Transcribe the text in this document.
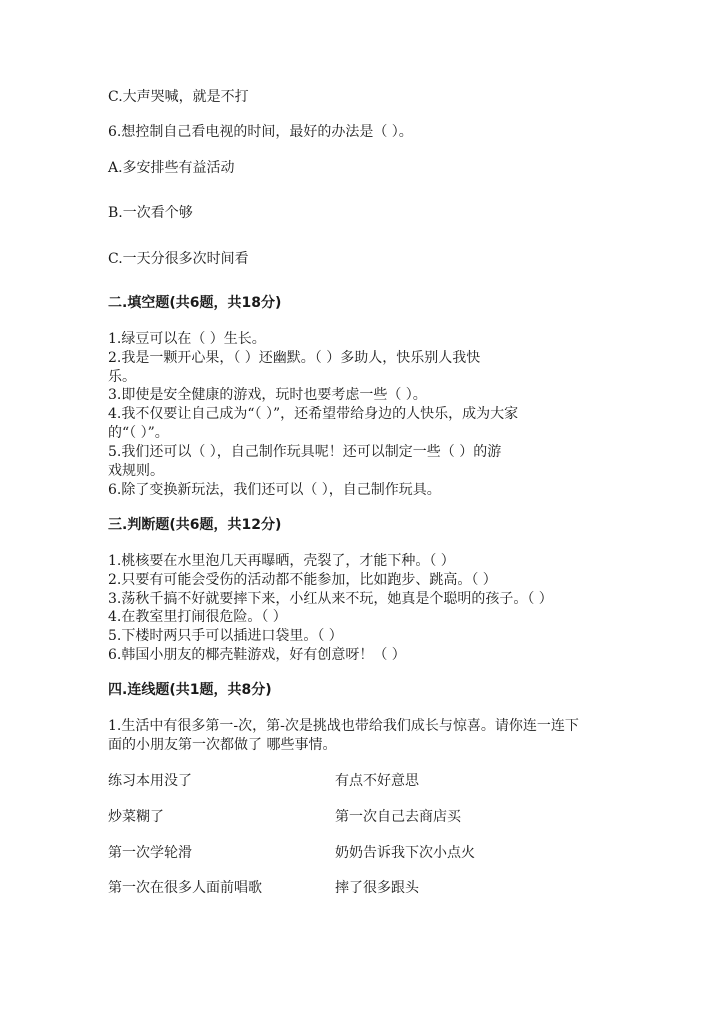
C.大声哭喊，就是不打
6.想控制自己看电视的时间，最好的办法是（ ）。
A.多安排些有益活动
B.一次看个够
C.一天分很多次时间看
二.填空题(共6题，共18分)
1.绿豆可以在（ ）生长。
2.我是一颗开心果，（ ）还幽默。（ ）多助人，快乐别人我快
乐。
3.即使是安全健康的游戏，玩时也要考虑一些（ ）。
4.我不仅要让自己成为“（ ）”，还希望带给身边的人快乐，成为大家
的“（ ）”。
5.我们还可以（ ），自己制作玩具呢！还可以制定一些（ ）的游
戏规则。
6.除了变换新玩法，我们还可以（ ），自己制作玩具。
三.判断题(共6题，共12分)
1.桃核要在水里泡几天再曝晒，壳裂了，才能下种。（ ）
2.只要有可能会受伤的活动都不能参加，比如跑步、跳高。（ ）
3.荡秋千搞不好就要摔下来，小红从来不玩，她真是个聪明的孩子。（ ）
4.在教室里打闹很危险。（ ）
5.下楼时两只手可以插进口袋里。（ ）
6.韩国小朋友的椰壳鞋游戏，好有创意呀！（ ）
四.连线题(共1题，共8分)
1.生活中有很多第一-次，第-次是挑战也带给我们成长与惊喜。请你连一连下
面的小朋友第一次都做了 哪些事情。
练习本用没了	有点不好意思
炒菜糊了	第一次自己去商店买
第一次学轮滑	奶奶告诉我下次小点火
第一次在很多人面前唱歌	摔了很多跟头
